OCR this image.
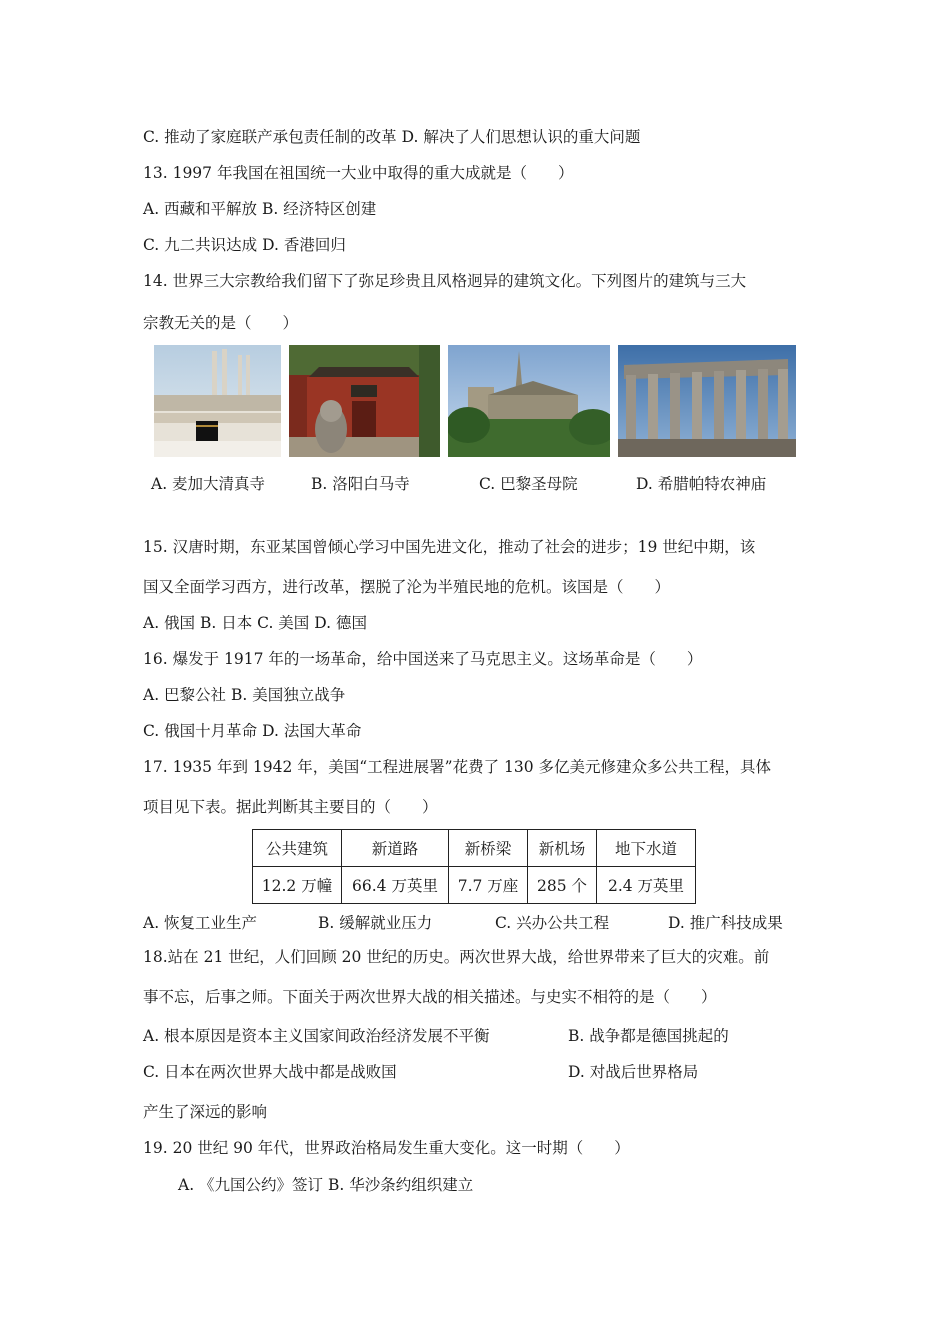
C. 推动了家庭联产承包责任制的改革 D. 解决了人们思想认识的重大问题
13. 1997 年我国在祖国统一大业中取得的重大成就是（　　）
A. 西藏和平解放 B. 经济特区创建
C. 九二共识达成 D. 香港回归
14. 世界三大宗教给我们留下了弥足珍贵且风格迥异的建筑文化。下列图片的建筑与三大
宗教无关的是（　　）
A. 麦加大清真寺	B. 洛阳白马寺	C. 巴黎圣母院	D. 希腊帕特农神庙
15. 汉唐时期，东亚某国曾倾心学习中国先进文化，推动了社会的进步；19 世纪中期，该
国又全面学习西方，进行改革，摆脱了沦为半殖民地的危机。该国是（　　）
A. 俄国 B. 日本 C. 美国 D. 德国
16. 爆发于 1917 年的一场革命，给中国送来了马克思主义。这场革命是（　　）
A. 巴黎公社 B. 美国独立战争
C. 俄国十月革命 D. 法国大革命
17. 1935 年到 1942 年，美国“工程进展署”花费了 130 多亿美元修建众多公共工程，具体
项目见下表。据此判断其主要目的（　　）
公共建筑	新道路	新桥梁	新机场	地下水道
12.2 万幢	66.4 万英里	7.7 万座	285 个	2.4 万英里
A. 恢复工业生产	B. 缓解就业压力	C. 兴办公共工程	D. 推广科技成果
18.站在 21 世纪，人们回顾 20 世纪的历史。两次世界大战，给世界带来了巨大的灾难。前
事不忘，后事之师。下面关于两次世界大战的相关描述。与史实不相符的是（　　）
A. 根本原因是资本主义国家间政治经济发展不平衡	B. 战争都是德国挑起的
C. 日本在两次世界大战中都是战败国	D. 对战后世界格局
产生了深远的影响
19. 20 世纪 90 年代，世界政治格局发生重大变化。这一时期（　　）
A. 《九国公约》签订 B. 华沙条约组织建立
